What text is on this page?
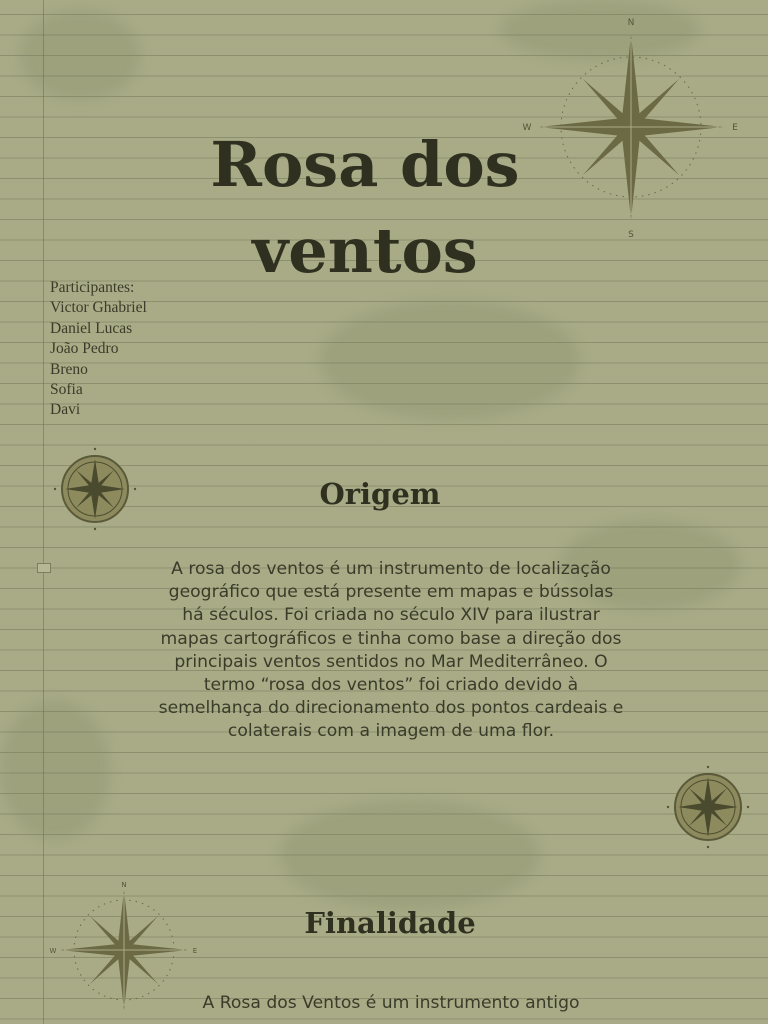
Rosa dos
ventos
Participantes:
Victor Ghabriel
Daniel Lucas
João Pedro
Breno
Sofia
Davi
N
S
E
W
N
E
W
Origem

A rosa dos ventos é um instrumento de localização geográfico que está presente em mapas e bússolas há séculos. Foi criada no século XIV para ilustrar mapas cartográficos e tinha como base a direção dos principais ventos sentidos no Mar Mediterrâneo. O termo “rosa dos ventos” foi criado devido à semelhança do direcionamento dos pontos cardeais e colaterais com a imagem de uma flor.

Finalidade

A Rosa dos Ventos é um instrumento antigo
